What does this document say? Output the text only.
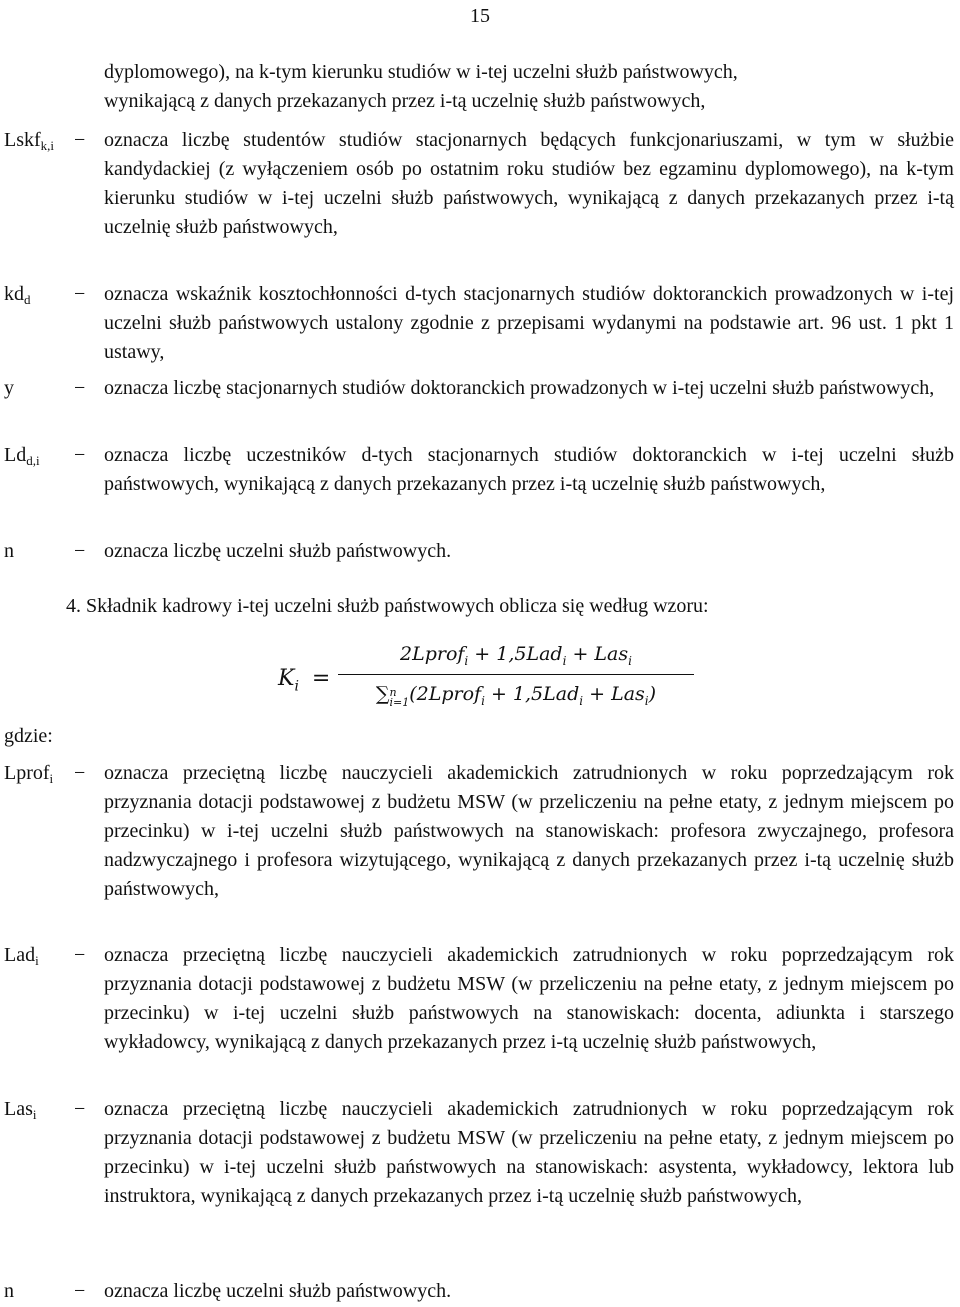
15
dyplomowego), na k-tym kierunku studiów w i-tej uczelni służb państwowych,
wynikającą z danych przekazanych przez i-tą uczelnię służb państwowych,
Lskf$_{k,i}$ − oznacza liczbę studentów studiów stacjonarnych będących funkcjonariuszami, w tym w służbie kandydackiej (z wyłączeniem osób po ostatnim roku studiów bez egzaminu dyplomowego), na k-tym kierunku studiów w i-tej uczelni służb państwowych, wynikającą z danych przekazanych przez i-tą uczelnię służb państwowych,
$kd_d$ − oznacza wskaźnik kosztochłonności d-tych stacjonarnych studiów doktoranckich prowadzonych w i-tej uczelni służb państwowych ustalony zgodnie z przepisami wydanymi na podstawie art. 96 ust. 1 pkt 1 ustawy,
y	− oznacza liczbę stacjonarnych studiów doktoranckich prowadzonych w i-tej uczelni służb państwowych,
$Ld_{d,i}$ − oznacza liczbę uczestników d-tych stacjonarnych studiów doktoranckich w i-tej uczelni służb państwowych, wynikającą z danych przekazanych przez i-tą uczelnię służb państwowych,
n	− oznacza liczbę uczelni służb państwowych.
4. Składnik kadrowy i-tej uczelni służb państwowych oblicza się według wzoru:
$K_i$ =
2Lprof$_i$ + 1,5Lad$_i$ + Las$_i$
∑n
i=1(2Lprof$_i$ + 1,5Lad$_i$ + Las$_i$)
gdzie:
Lprof$_i$ − oznacza przeciętną liczbę nauczycieli akademickich zatrudnionych w roku poprzedzającym rok przyznania dotacji podstawowej z budżetu MSW (w przeliczeniu na pełne etaty, z jednym miejscem po przecinku) w i-tej uczelni służb państwowych na stanowiskach: profesora zwyczajnego, profesora nadzwyczajnego i profesora wizytującego, wynikającą z danych przekazanych przez i-tą uczelnię służb państwowych,
Lad$_i$ − oznacza przeciętną liczbę nauczycieli akademickich zatrudnionych w roku poprzedzającym rok przyznania dotacji podstawowej z budżetu MSW (w przeliczeniu na pełne etaty, z jednym miejscem po przecinku) w i-tej uczelni służb państwowych na stanowiskach: docenta, adiunkta i starszego wykładowcy, wynikającą z danych przekazanych przez i-tą uczelnię służb państwowych,
Las$_i$ − oznacza przeciętną liczbę nauczycieli akademickich zatrudnionych w roku poprzedzającym rok przyznania dotacji podstawowej z budżetu MSW (w przeliczeniu na pełne etaty, z jednym miejscem po przecinku) w i-tej uczelni służb państwowych na stanowiskach: asystenta, wykładowcy, lektora lub instruktora, wynikającą z danych przekazanych przez i-tą uczelnię służb państwowych,
n	− oznacza liczbę uczelni służb państwowych.
